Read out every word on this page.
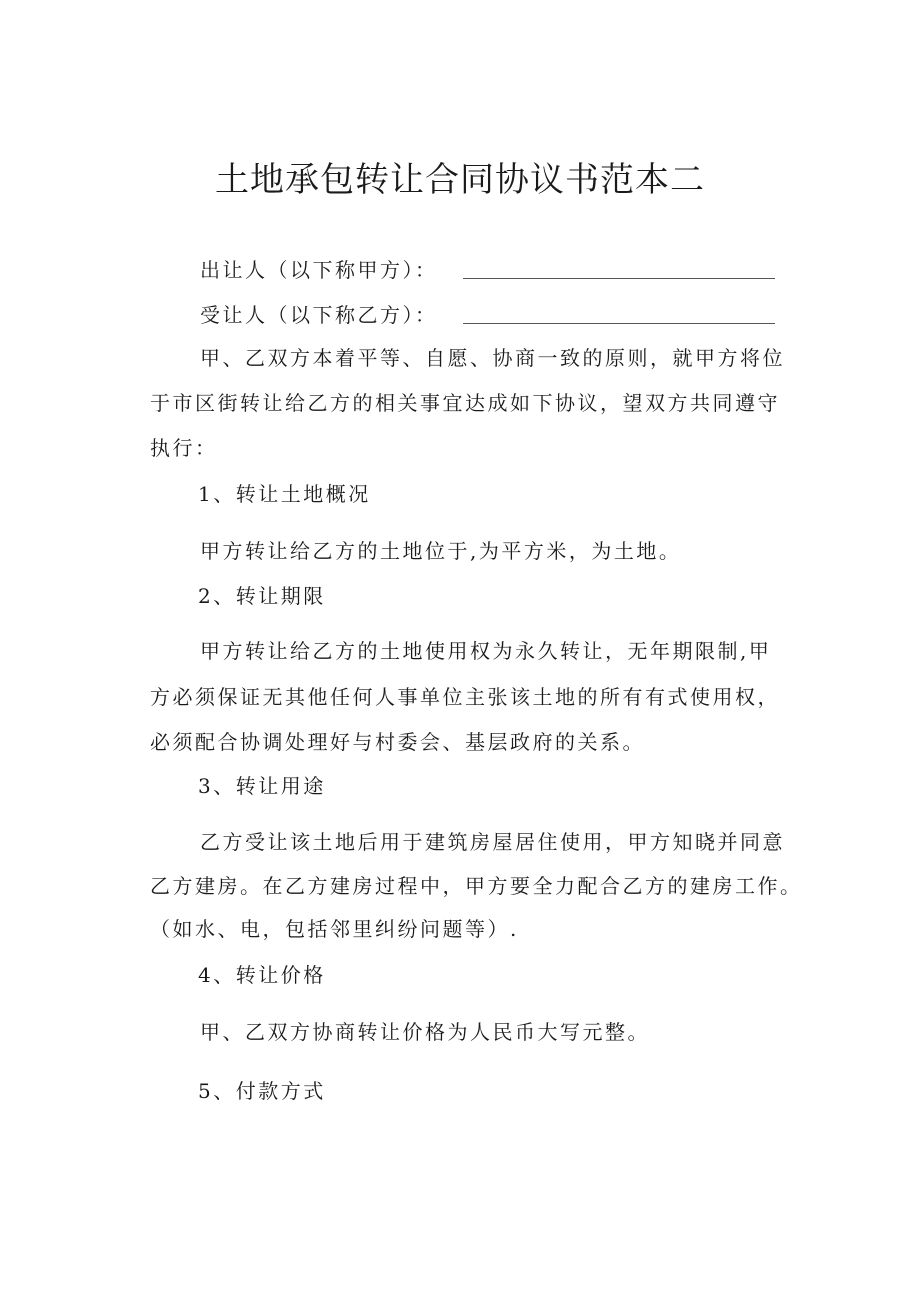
土地承包转让合同协议书范本二
出让人（以下称甲方）：
受让人（以下称乙方）：
甲、乙双方本着平等、自愿、协商一致的原则，就甲方将位
于市区街转让给乙方的相关事宜达成如下协议，望双方共同遵守
执行：
1、转让土地概况
甲方转让给乙方的土地位于,为平方米，为土地。
2、转让期限
甲方转让给乙方的土地使用权为永久转让，无年期限制,甲
方必须保证无其他任何人事单位主张该土地的所有有式使用权，
必须配合协调处理好与村委会、基层政府的关系。
3、转让用途
乙方受让该土地后用于建筑房屋居住使用，甲方知晓并同意
乙方建房。在乙方建房过程中，甲方要全力配合乙方的建房工作。
（如水、电，包括邻里纠纷问题等）.
4、转让价格
甲、乙双方协商转让价格为人民币大写元整。
5、付款方式
